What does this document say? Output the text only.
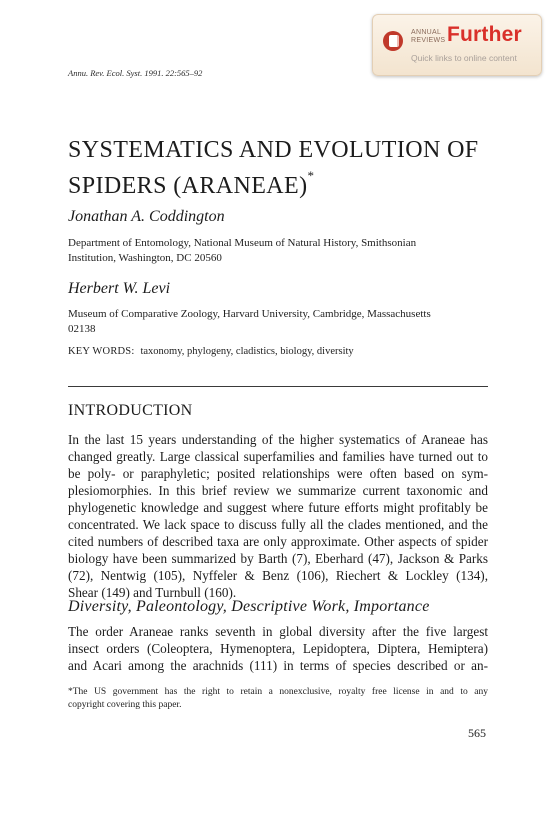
ANNUAL
REVIEWS Further
Quick links to online content
Annu. Rev. Ecol. Syst. 1991. 22:565–92
SYSTEMATICS AND EVOLUTION OF
SPIDERS (ARANEAE)*
Jonathan A. Coddington
Department of Entomology, National Museum of Natural History, Smithsonian
Institution, Washington, DC 20560
Herbert W. Levi
Museum of Comparative Zoology, Harvard University, Cambridge, Massachusetts
02138
KEY WORDS: taxonomy, phylogeny, cladistics, biology, diversity
INTRODUCTION
In the last 15 years understanding of the higher systematics of Araneae has
changed greatly. Large classical superfamilies and families have turned out to
be poly- or paraphyletic; posited relationships were often based on sym-
plesiomorphies. In this brief review we summarize current taxonomic and
phylogenetic knowledge and suggest where future efforts might profitably be
concentrated. We lack space to discuss fully all the clades mentioned, and the
cited numbers of described taxa are only approximate. Other aspects of spider
biology have been summarized by Barth (7), Eberhard (47), Jackson & Parks
(72), Nentwig (105), Nyffeler & Benz (106), Riechert & Lockley (134),
Shear (149) and Turnbull (160).
Diversity, Paleontology, Descriptive Work, Importance
The order Araneae ranks seventh in global diversity after the five largest
insect orders (Coleoptera, Hymenoptera, Lepidoptera, Diptera, Hemiptera)
and Acari among the arachnids (111) in terms of species described or an-
*The US government has the right to retain a nonexclusive, royalty free license in and to any
copyright covering this paper.
565
